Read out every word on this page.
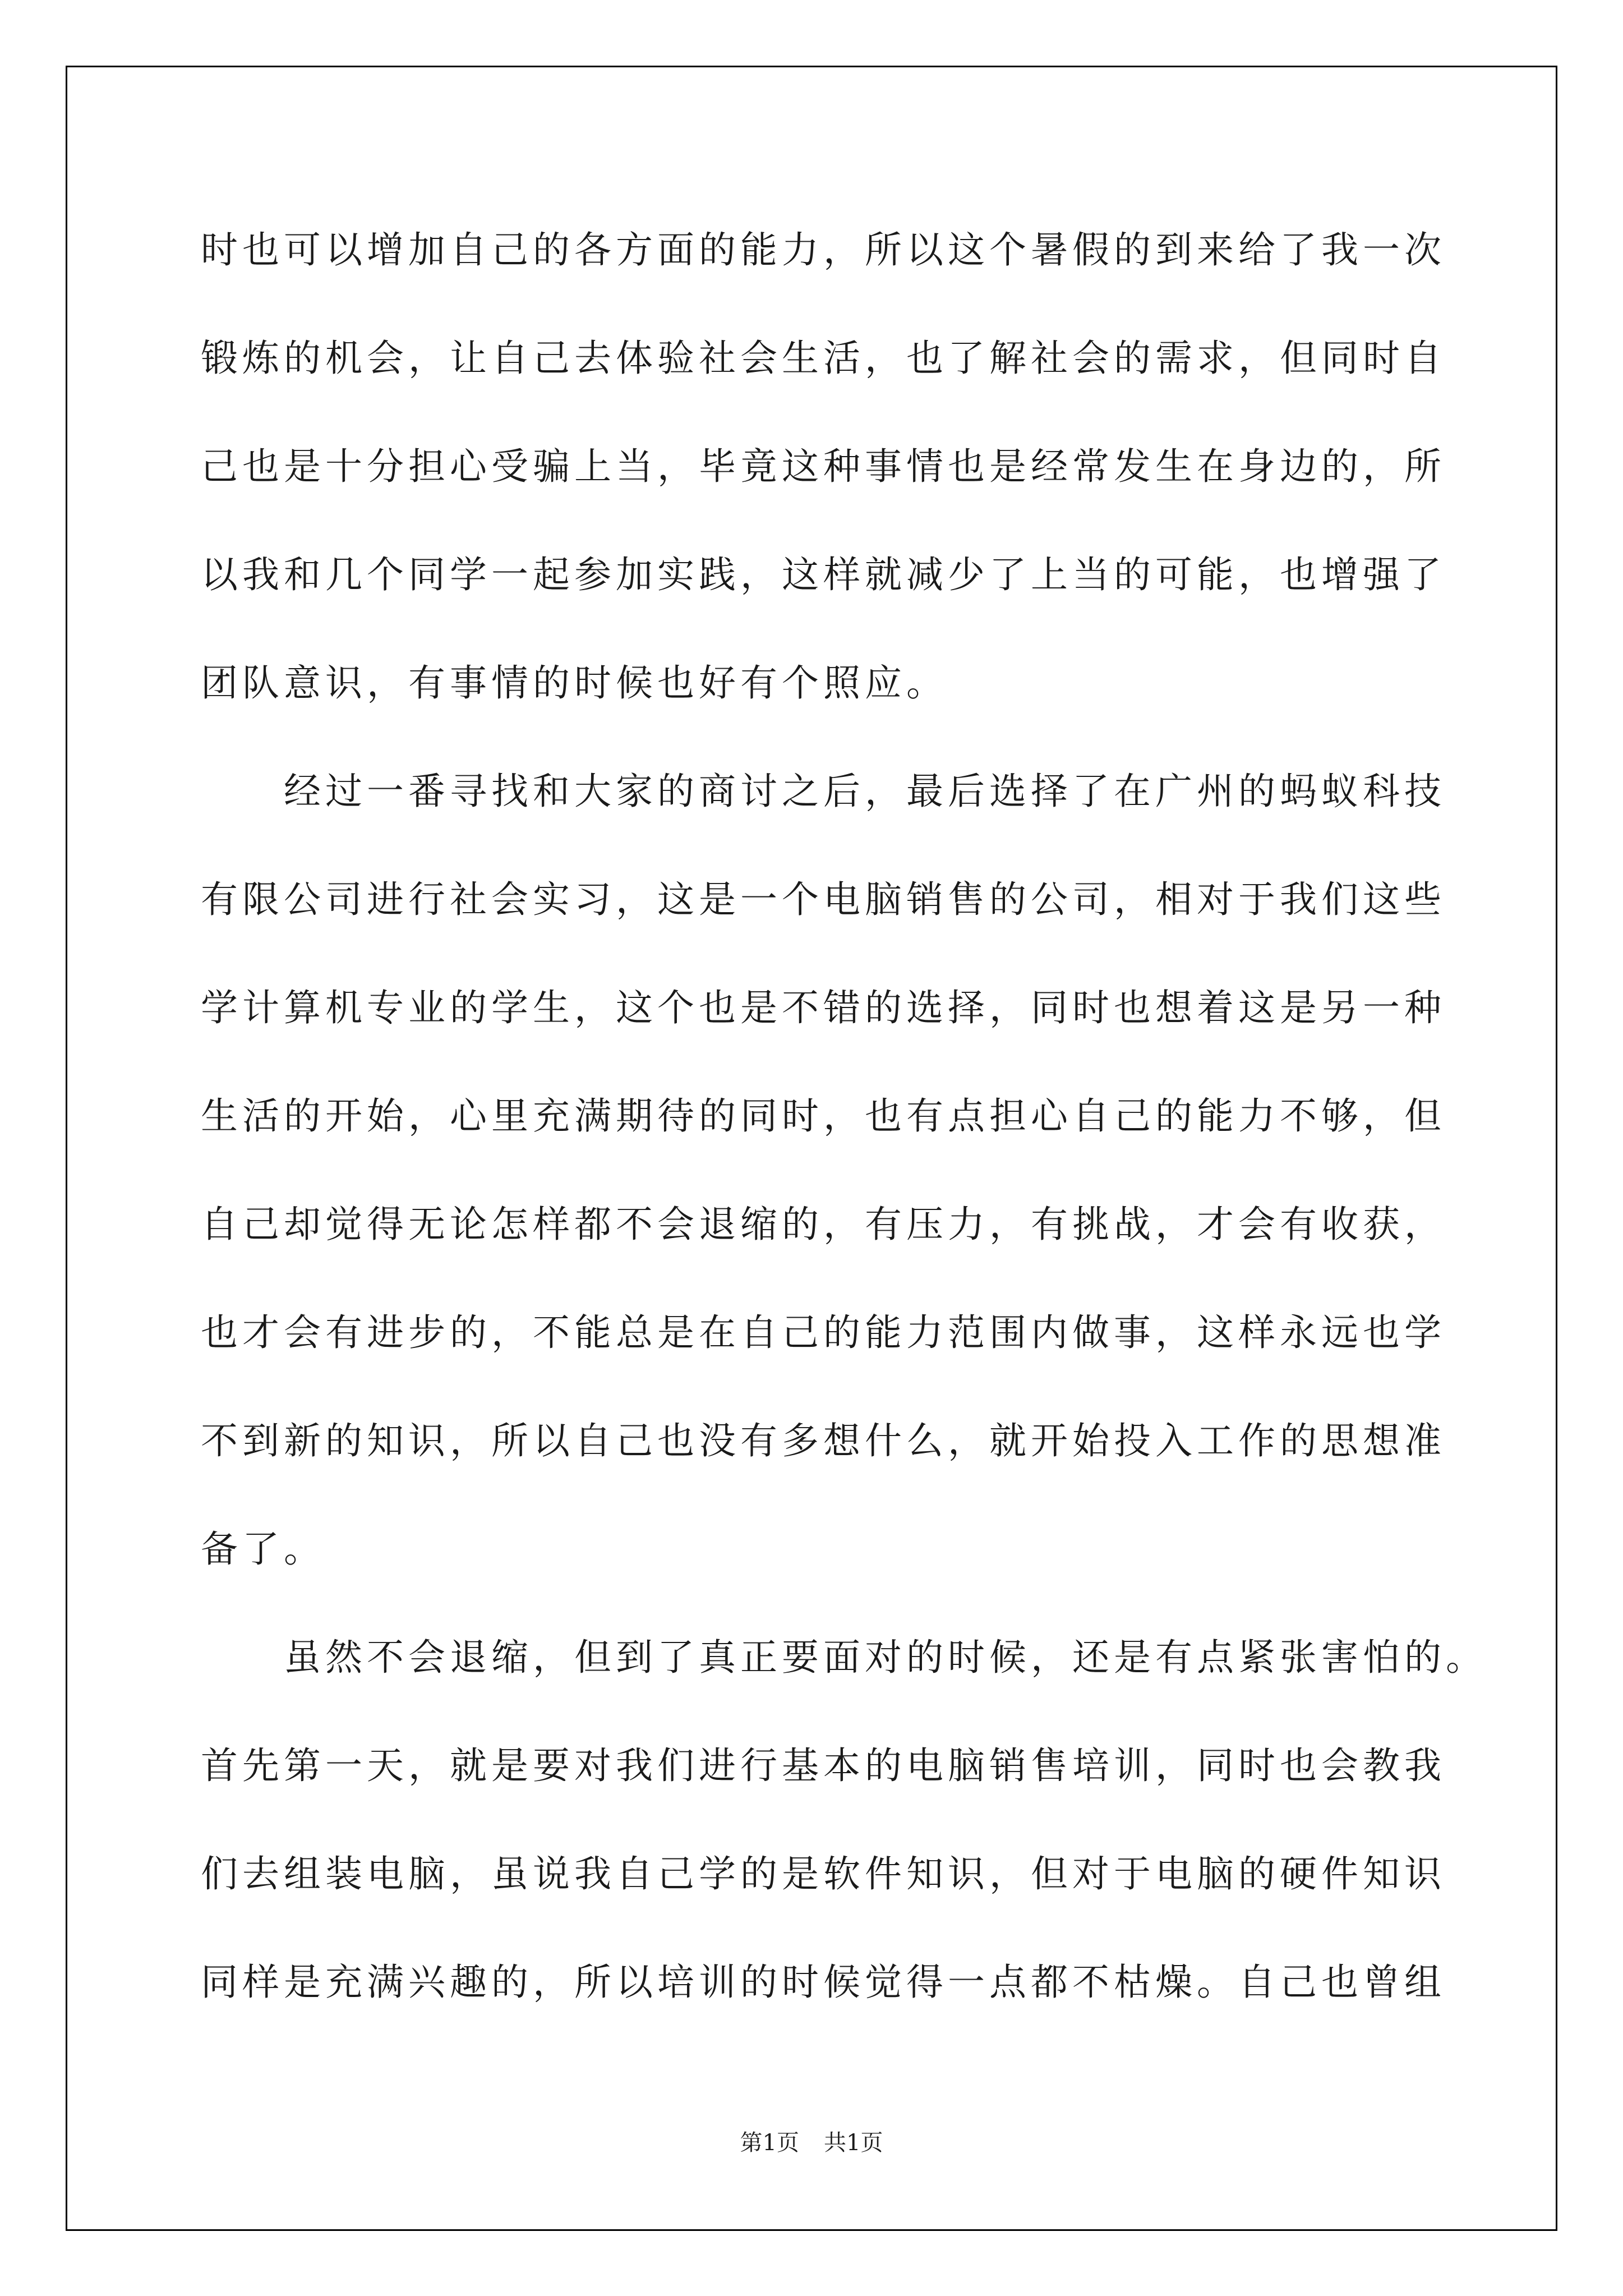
时也可以增加自己的各方面的能力，所以这个暑假的到来给了我一次
锻炼的机会，让自己去体验社会生活，也了解社会的需求，但同时自
己也是十分担心受骗上当，毕竟这种事情也是经常发生在身边的，所
以我和几个同学一起参加实践，这样就减少了上当的可能，也增强了
团队意识，有事情的时候也好有个照应。
　　经过一番寻找和大家的商讨之后，最后选择了在广州的蚂蚁科技
有限公司进行社会实习，这是一个电脑销售的公司，相对于我们这些
学计算机专业的学生，这个也是不错的选择，同时也想着这是另一种
生活的开始，心里充满期待的同时，也有点担心自己的能力不够，但
自己却觉得无论怎样都不会退缩的，有压力，有挑战，才会有收获，
也才会有进步的，不能总是在自己的能力范围内做事，这样永远也学
不到新的知识，所以自己也没有多想什么，就开始投入工作的思想准
备了。
　　虽然不会退缩，但到了真正要面对的时候，还是有点紧张害怕的。
首先第一天，就是要对我们进行基本的电脑销售培训，同时也会教我
们去组装电脑，虽说我自己学的是软件知识，但对于电脑的硬件知识
同样是充满兴趣的，所以培训的时候觉得一点都不枯燥。自己也曾组
第1页 共1页
